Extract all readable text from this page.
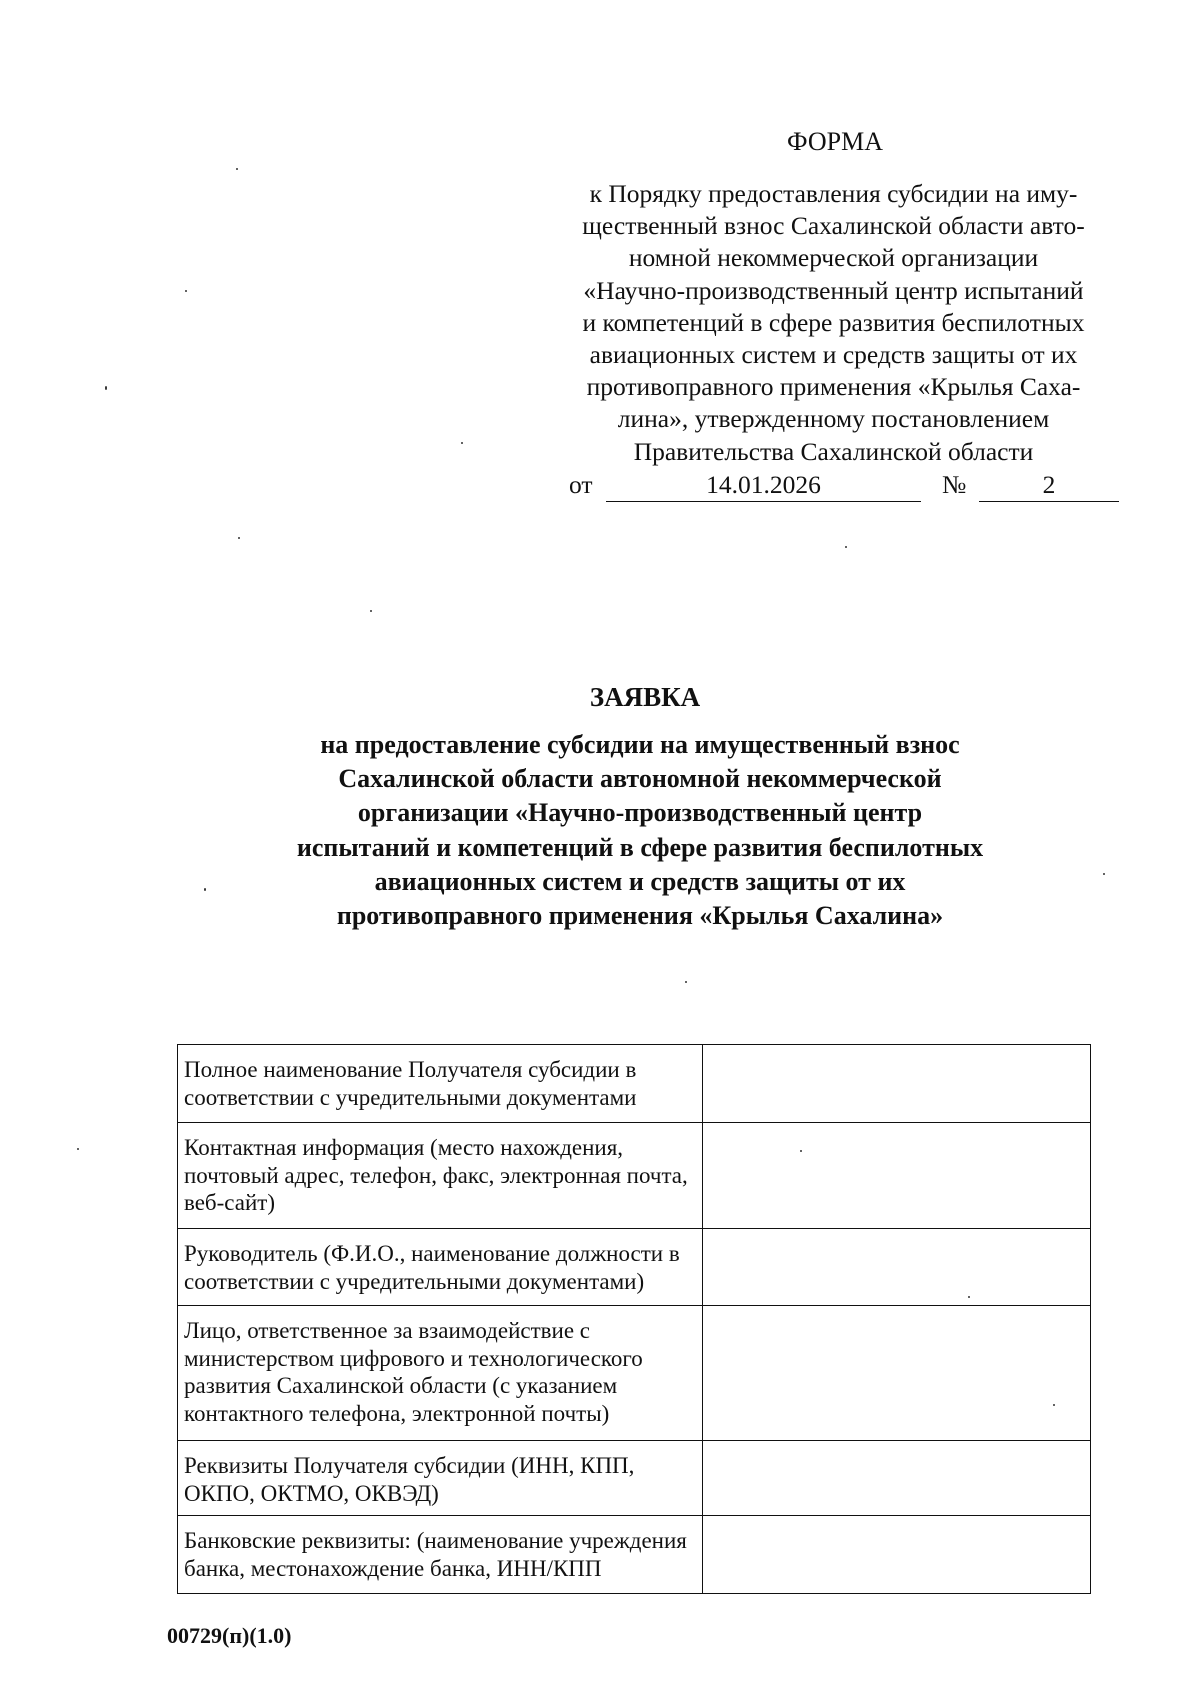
ФОРМА
к Порядку предоставления субсидии на иму-
щественный взнос Сахалинской области авто-
номной некоммерческой организации
«Научно-производственный центр испытаний
и компетенций в сфере развития беспилотных
авиационных систем и средств защиты от их
противоправного применения «Крылья Саха-
лина», утвержденному постановлением
Правительства Сахалинской области
от	14.01.2026	№	2
ЗАЯВКА
на предоставление субсидии на имущественный взнос Сахалинской области автономной некоммерческой организации «Научно-производственный центр испытаний и компетенций в сфере развития беспилотных авиационных систем и средств защиты от их противоправного применения «Крылья Сахалина»
Полное наименование Получателя субсидии в соответствии с учредительными документами	
Контактная информация (место нахождения, почтовый адрес, телефон, факс, электронная почта, веб-сайт)	
Руководитель (Ф.И.О., наименование должности в соответствии с учредительными документами)	
Лицо, ответственное за взаимодействие с министерством цифрового и технологического развития Сахалинской области (с указанием контактного телефона, электронной почты)	
Реквизиты Получателя субсидии (ИНН, КПП, ОКПО, ОКТМО, ОКВЭД)	
Банковские реквизиты: (наименование учреждения банка, местонахождение банка, ИНН/КПП	
00729(п)(1.0)
